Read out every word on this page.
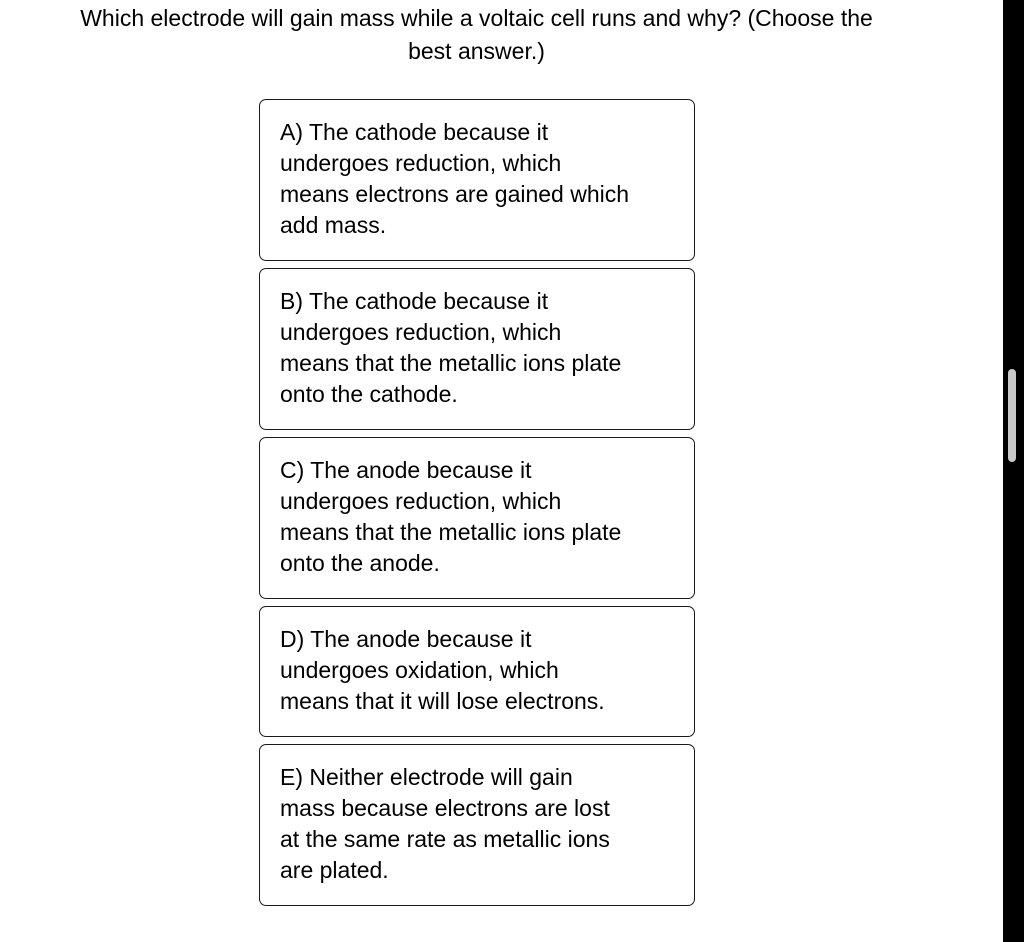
Which electrode will gain mass while a voltaic cell runs and why? (Choose the
best answer.)
A) The cathode because it
undergoes reduction, which
means electrons are gained which
add mass.
B) The cathode because it
undergoes reduction, which
means that the metallic ions plate
onto the cathode.
C) The anode because it
undergoes reduction, which
means that the metallic ions plate
onto the anode.
D) The anode because it
undergoes oxidation, which
means that it will lose electrons.
E) Neither electrode will gain
mass because electrons are lost
at the same rate as metallic ions
are plated.
